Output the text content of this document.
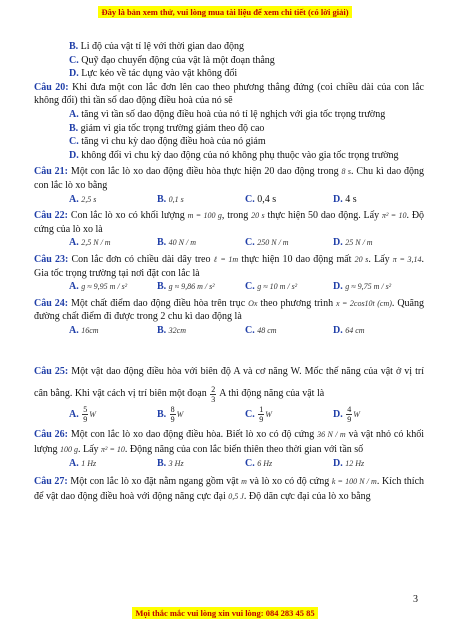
Đây là bản xem thử, vui lòng mua tài liệu để xem chi tiết (có lời giải)
B. Li độ của vật tỉ lệ với thời gian dao động
C. Quỹ đạo chuyển động của vật là một đoạn thẳng
D. Lực kéo về tác dụng vào vật không đổi
Câu 20: Khi đưa một con lắc đơn lên cao theo phương thẳng đứng (coi chiều dài của con lắc không đổi) thì tần số dao động điều hoà của nó sẽ
A. tăng vì tần số dao động điều hoà của nó tỉ lệ nghịch với gia tốc trọng trường
B. giảm vì gia tốc trọng trường giảm theo độ cao
C. tăng vì chu kỳ dao động điều hoà của nó giảm
D. không đổi vì chu kỳ dao động của nó không phụ thuộc vào gia tốc trọng trường
Câu 21: Một con lắc lò xo dao động điều hòa thực hiện 20 dao động trong 8 s. Chu kì dao động con lắc lò xo bằng
A. 2,5 s	B. 0,1 s	C. 0,4 s	D. 4 s
Câu 22: Con lắc lò xo có khối lượng m = 100 g, trong 20 s thực hiện 50 dao động. Lấy π² = 10. Độ cứng của lò xo là
A. 2,5 N / m	B. 40 N / m	C. 250 N / m	D. 25 N / m
Câu 23: Con lắc đơn có chiều dài dây treo ℓ = 1m thực hiện 10 dao động mất 20 s. Lấy π = 3,14. Gia tốc trọng trường tại nơi đặt con lắc là
A. g ≈ 9,95 m / s²	B. g ≈ 9,86 m / s²	C. g ≈ 10 m / s²	D. g ≈ 9,75 m / s²
Câu 24: Một chất điểm dao động điều hòa trên trục Ox theo phương trình x = 2cos10t (cm). Quãng đường chất điểm đi được trong 2 chu kì dao động là
A. 16cm	B. 32cm	C. 48 cm	D. 64 cm
Câu 25: Một vật dao động điều hòa với biên độ A và cơ năng W. Mốc thế năng của vật ở vị trí cân bằng. Khi vật cách vị trí biên một đoạn $\frac{2}{3}$ A thì động năng của vật là
A. $\frac{5}{9}$ W	B. $\frac{8}{9}$ W	C. $\frac{1}{9}$ W	D. $\frac{4}{9}$ W
Câu 26: Một con lắc lò xo dao động điều hòa. Biết lò xo có độ cứng 36 N / m và vật nhỏ có khối lượng 100 g. Lấy π² = 10. Động năng của con lắc biến thiên theo thời gian với tần số
A. 1 Hz	B. 3 Hz	C. 6 Hz	D. 12 Hz
Câu 27: Một con lắc lò xo đặt nằm ngang gồm vật m và lò xo có độ cứng k = 100 N / m. Kích thích để vật dao động điều hoà với động năng cực đại 0,5 J. Độ dãn cực đại của lò xo bằng
3
Mọi thắc mắc vui lòng xin vui lòng: 084 283 45 85
